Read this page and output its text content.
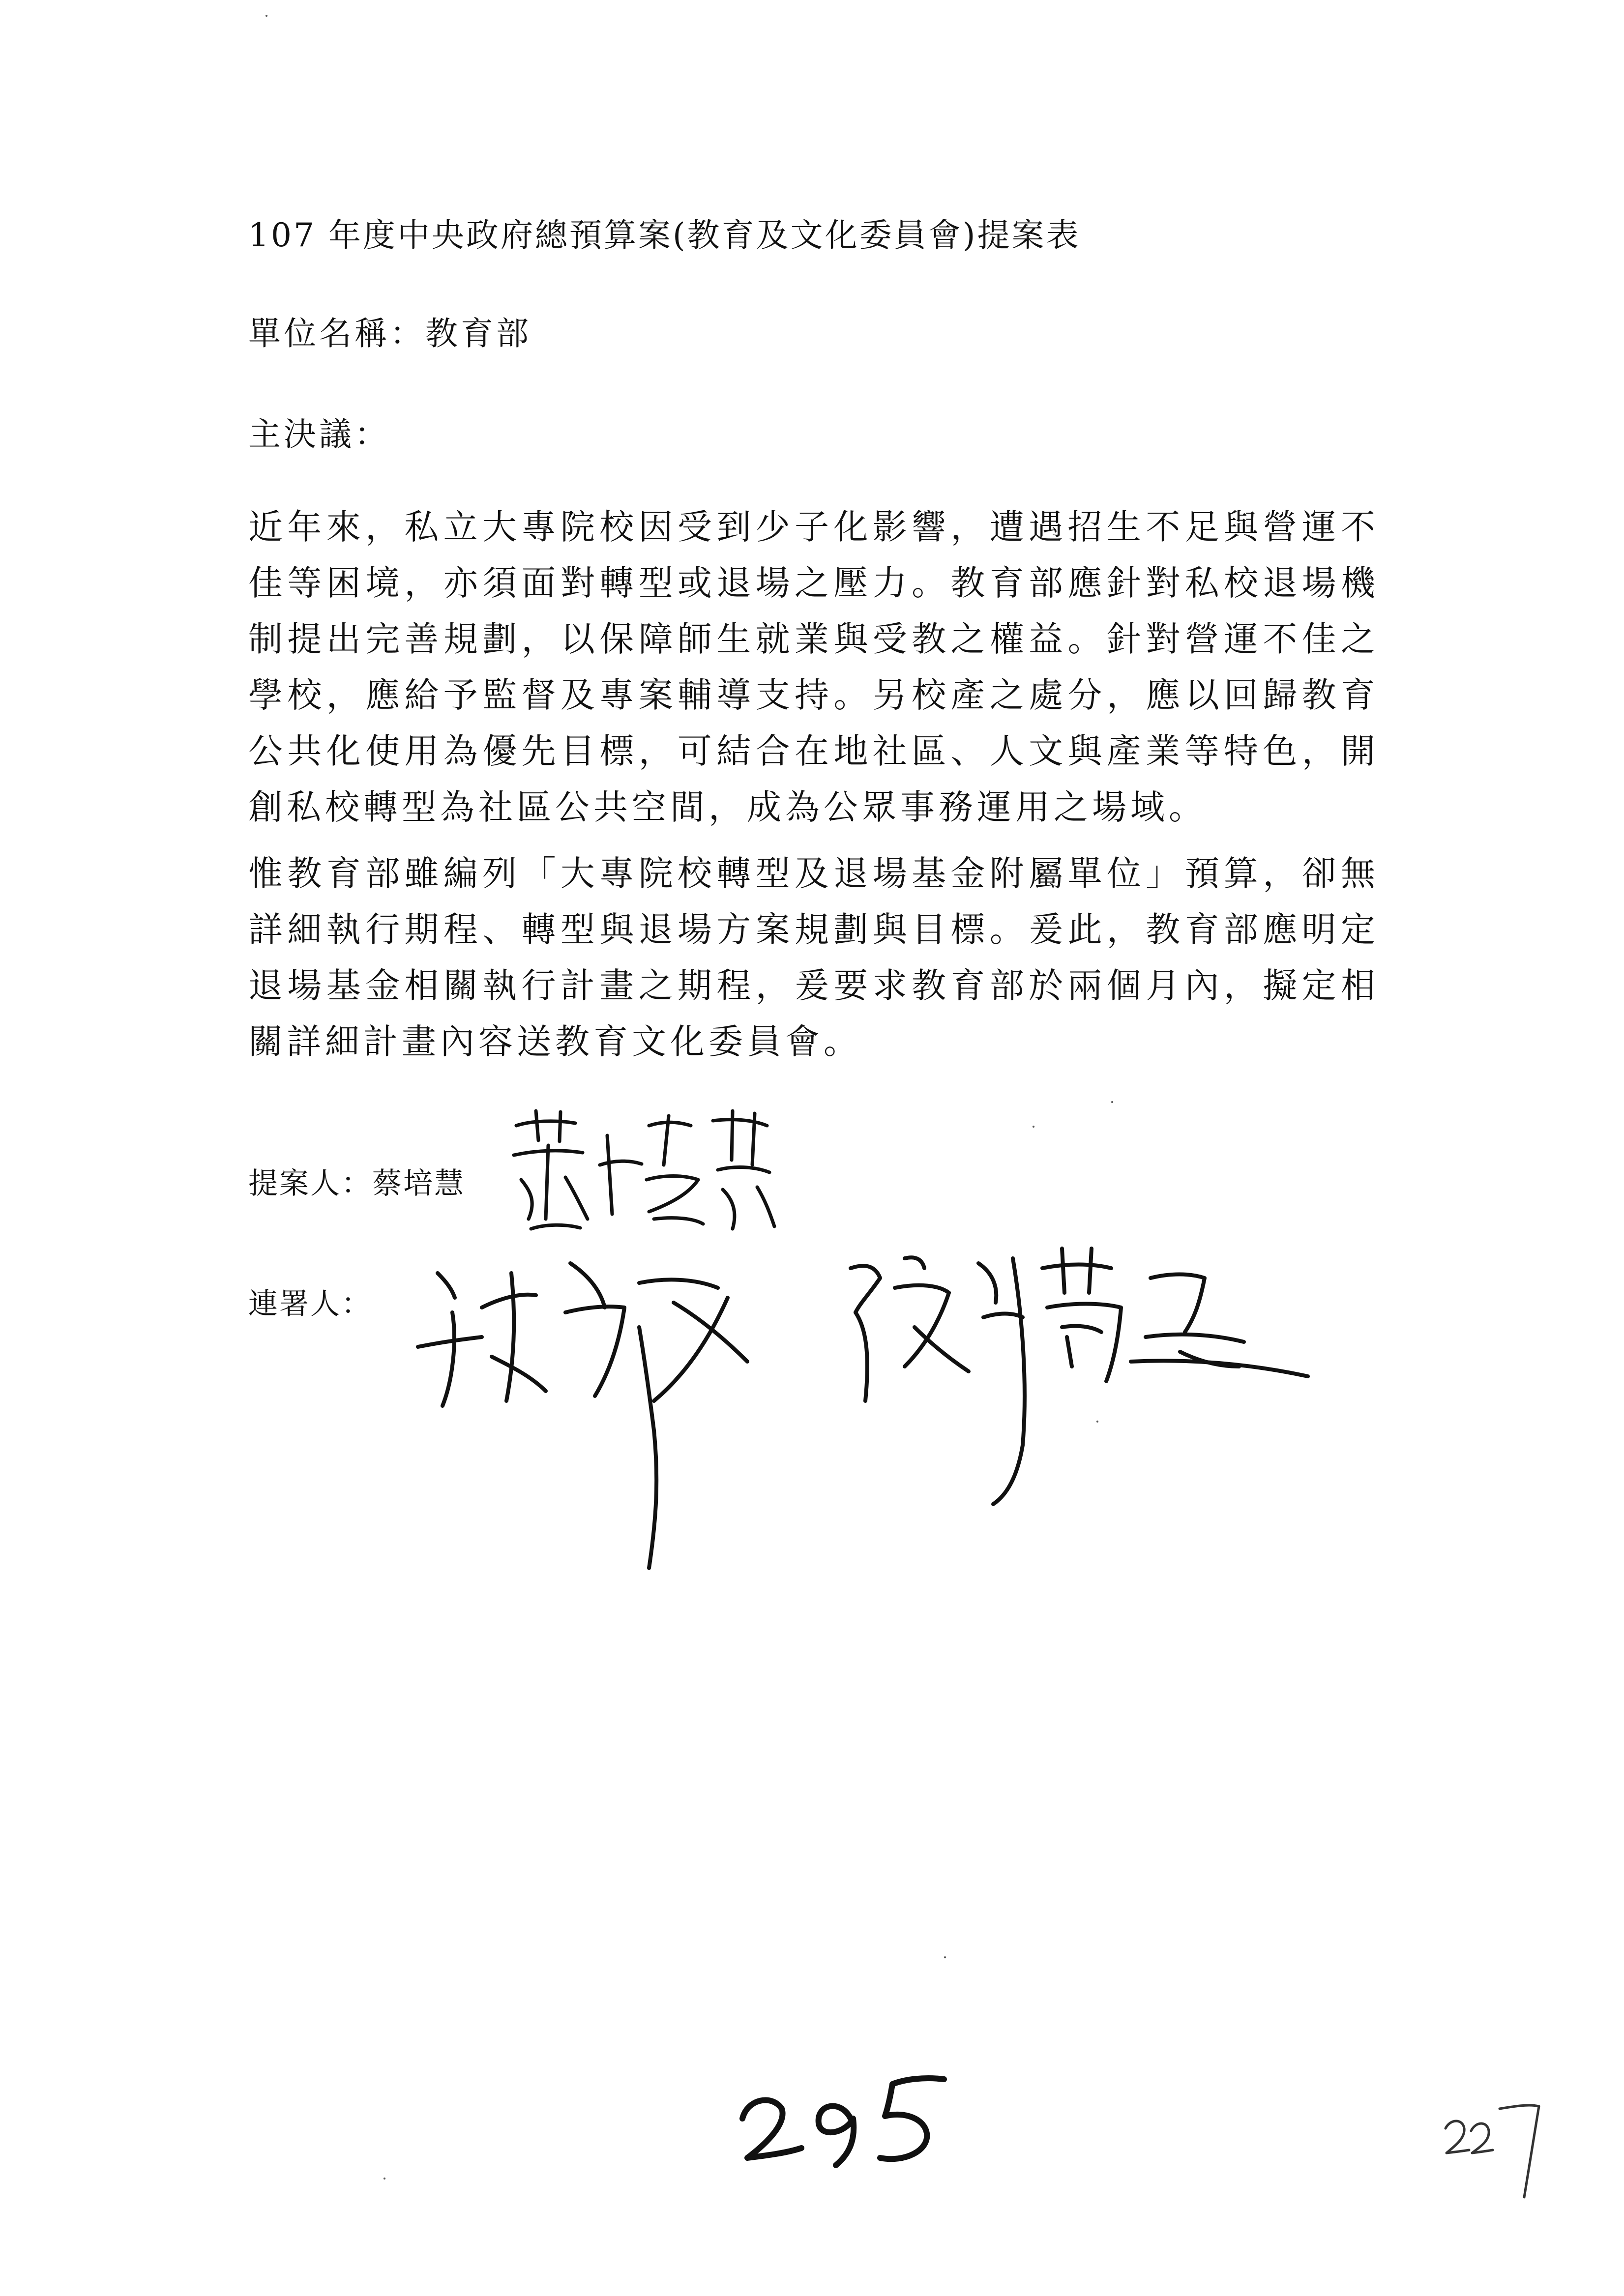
107 年度中央政府總預算案(教育及文化委員會)提案表
單位名稱：教育部
主決議：
近年來，私立大專院校因受到少子化影響，遭遇招生不足與營運不佳等困境，亦須面對轉型或退場之壓力。教育部應針對私校退場機制提出完善規劃，以保障師生就業與受教之權益。針對營運不佳之學校，應給予監督及專案輔導支持。另校產之處分，應以回歸教育公共化使用為優先目標，可結合在地社區、人文與產業等特色，開創私校轉型為社區公共空間，成為公眾事務運用之場域。
惟教育部雖編列「大專院校轉型及退場基金附屬單位」預算，卻無詳細執行期程、轉型與退場方案規劃與目標。爰此，教育部應明定退場基金相關執行計畫之期程，爰要求教育部於兩個月內，擬定相關詳細計畫內容送教育文化委員會。
提案人：蔡培慧
連署人：
